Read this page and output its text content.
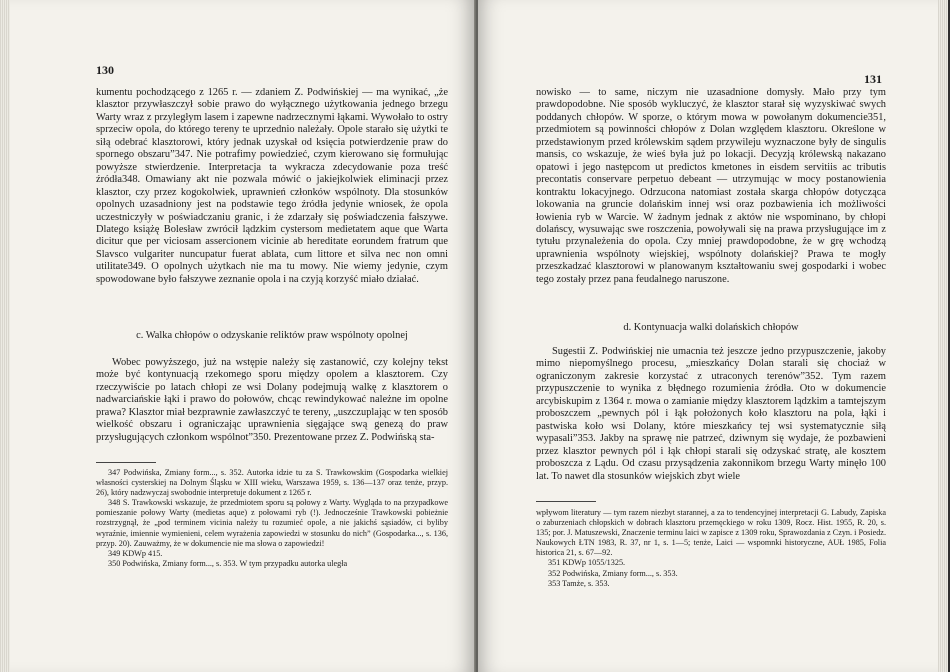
130

kumentu pochodzącego z 1265 r. — zdaniem Z. Podwińskiej — ma wynikać, „że klasztor przywłaszczył sobie prawo do wyłącznego użytkowania jednego brzegu Warty wraz z przyległym lasem i zapewne nadrzecznymi łąkami. Wywołało to ostry sprzeciw opola, do którego tereny te uprzednio należały. Opole starało się użytki te siłą odebrać klasztorowi, który jednak uzyskał od księcia potwierdzenie praw do spornego obszaru”347. Nie potrafimy powiedzieć, czym kierowano się formułując powyższe stwierdzenie. Interpretacja ta wykracza zdecydowanie poza treść źródła348. Omawiany akt nie pozwala mówić o jakiejkolwiek eliminacji przez klasztor, czy przez kogokolwiek, uprawnień członków wspólnoty. Dla stosunków opolnych uzasadniony jest na podstawie tego źródła jedynie wniosek, że opola uczestniczyły w poświadczaniu granic, i że zdarzały się poświadczenia fałszywe. Dlatego książę Bolesław zwrócił lądzkim cystersom medietatem aque que Warta dicitur que per viciosam assercionem vicinie ab hereditate eorundem fratrum que Slavsco vulgariter nuncupatur fuerat ablata, cum littore et silva nec non omni utilitate349. O opolnych użytkach nie ma tu mowy. Nie wiemy jedynie, czym spowodowane było fałszywe zeznanie opola i na czyją korzyść miało działać.

c. Walka chłopów o odzyskanie reliktów praw wspólnoty opolnej

Wobec powyższego, już na wstępie należy się zastanowić, czy kolejny tekst może być kontynuacją rzekomego sporu między opolem a klasztorem. Czy rzeczywiście po latach chłopi ze wsi Dolany podejmują walkę z klasztorem o nadwarciańskie łąki i prawo do połowów, chcąc rewindykować należne im opolne prawa? Klasztor miał bezprawnie zawłaszczyć te tereny, „uszczuplając w ten sposób wielkość obszaru i ograniczając uprawnienia sięgające swą genezą do praw przysługujących członkom wspólnot”350. Prezentowane przez Z. Podwińską sta-

347 Podwińska, Zmiany form..., s. 352. Autorka idzie tu za S. Trawkowskim (Gospodarka wielkiej własności cysterskiej na Dolnym Śląsku w XIII wieku, Warszawa 1959, s. 136—137 oraz tenże, przyp. 26), który nadzwyczaj swobodnie interpretuje dokument z 1265 r.

348 S. Trawkowski wskazuje, że przedmiotem sporu są połowy z Warty. Wygląda to na przypadkowe pomieszanie połowy Warty (medietas aque) z połowami ryb (!). Jednocześnie Trawkowski pobieżnie rozstrzygnął, że „pod terminem vicinia należy tu rozumieć opole, a nie jakichś sąsiadów, ci byliby wyraźnie, imiennie wymienieni, celem wyrażenia zapowiedzi w stosunku do nich” (Gospodarka..., s. 136, przyp. 20). Zauważmy, że w dokumencie nie ma słowa o zapowiedzi!

349 KDWp 415.

350 Podwińska, Zmiany form..., s. 353. W tym przypadku autorka uległa

131

nowisko — to same, niczym nie uzasadnione domysły. Mało przy tym prawdopodobne. Nie sposób wykluczyć, że klasztor starał się wyzyskiwać swych poddanych chłopów. W sporze, o którym mowa w powołanym dokumencie351, przedmiotem są powinności chłopów z Dolan względem klasztoru. Określone w przedstawionym przed królewskim sądem przywileju wyznaczone były de singulis mansis, co wskazuje, że wieś była już po lokacji. Decyzją królewską nakazano opatowi i jego następcom ut predictos kmetones in eisdem servitiis ac tributis precontatis conservare perpetuo debeant — utrzymując w mocy postanowienia kontraktu lokacyjnego. Odrzucona natomiast została skarga chłopów dotycząca lokowania na gruncie dolańskim innej wsi oraz pozbawienia ich możliwości łowienia ryb w Warcie. W żadnym jednak z aktów nie wspominano, by chłopi dolańscy, wysuwając swe roszczenia, powoływali się na prawa przysługujące im z tytułu przynależenia do opola. Czy mniej prawdopodobne, że w grę wchodzą uprawnienia wspólnoty wiejskiej, wspólnoty dolańskiej? Prawa te mogły przeszkadzać klasztorowi w planowanym kształtowaniu swej gospodarki i wobec tego zostały przez pana feudalnego naruszone.

d. Kontynuacja walki dolańskich chłopów

Sugestii Z. Podwińskiej nie umacnia też jeszcze jedno przypuszczenie, jakoby mimo niepomyślnego procesu, „mieszkańcy Dolan starali się chociaż w ograniczonym zakresie korzystać z utraconych terenów”352. Tym razem przypuszczenie to wynika z błędnego rozumienia źródła. Oto w dokumencie arcybiskupim z 1364 r. mowa o zamianie między klasztorem lądzkim a tamtejszym proboszczem „pewnych pól i łąk położonych koło klasztoru na pola, łąki i pastwiska koło wsi Dolany, które mieszkańcy tej wsi systematycznie siłą wypasali”353. Jakby na sprawę nie patrzeć, dziwnym się wydaje, że pozbawieni przez klasztor pewnych pól i łąk chłopi starali się odzyskać stratę, ale kosztem proboszcza z Lądu. Od czasu przysądzenia zakonnikom brzegu Warty minęło 100 lat. To nawet dla stosunków wiejskich zbyt wiele

wpływom literatury — tym razem niezbyt starannej, a za to tendencyjnej interpretacji G. Labudy, Zapiska o zaburzeniach chłopskich w dobrach klasztoru przemęckiego w roku 1309, Rocz. Hist. 1955, R. 20, s. 135; por. J. Matuszewski, Znaczenie terminu laici w zapisce z 1309 roku, Sprawozdania z Czyn. i Posiedz. Naukowych ŁTN 1983, R. 37, nr 1, s. 1—5; tenże, Laici — wspomnki historyczne, AUŁ 1985, Folia historica 21, s. 67—92.

351 KDWp 1055/1325.

352 Podwińska, Zmiany form..., s. 353.

353 Tamże, s. 353.
